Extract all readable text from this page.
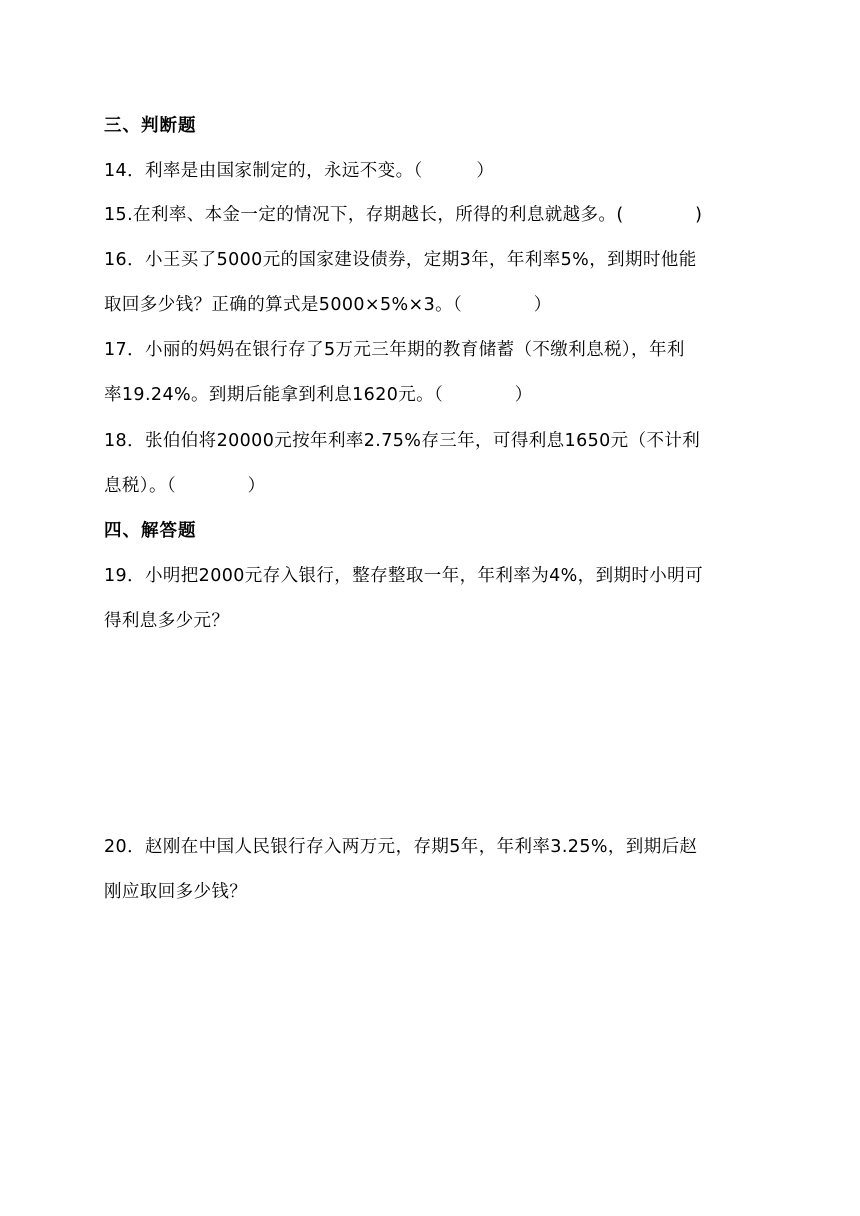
三、判断题
14．利率是由国家制定的，永远不变。（　　　）
15.在利率、本金一定的情况下，存期越长，所得的利息就越多。(　　　　)
16．小王买了5000元的国家建设债券，定期3年，年利率5%，到期时他能
取回多少钱？正确的算式是5000×5%×3。（　　　　）
17．小丽的妈妈在银行存了5万元三年期的教育储蓄（不缴利息税），年利
率19.24%。到期后能拿到利息1620元。（　　　　）
18．张伯伯将20000元按年利率2.75%存三年，可得利息1650元（不计利
息税）。（　　　　）
四、解答题
19．小明把2000元存入银行，整存整取一年，年利率为4%，到期时小明可
得利息多少元？
20．赵刚在中国人民银行存入两万元，存期5年，年利率3.25%，到期后赵
刚应取回多少钱？
